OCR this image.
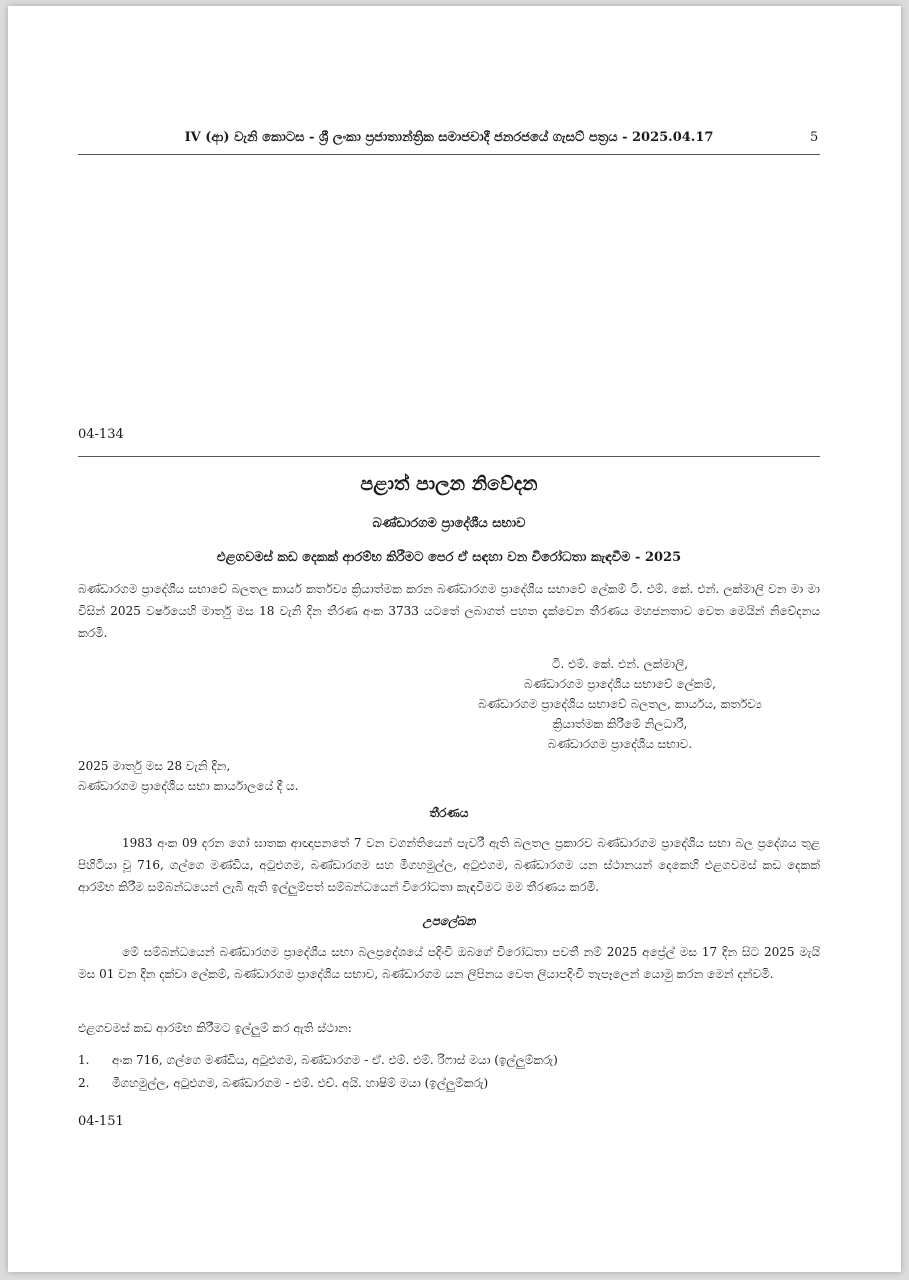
IV (ආ) වැනි කොටස - ශ්‍රී ලංකා ප්‍රජාතාන්ත්‍රික සමාජවාදී ජනරජයේ ගැසට් පත්‍රය - 2025.04.17	5
04-134
පළාත් පාලන නිවේදන
බණ්ඩාරගම ප්‍රාදේශීය සභාව
එළගවමස් කඩ දෙකක් ආරම්භ කිරීමට පෙර ඒ සඳහා වන විරෝධතා කැඳවීම - 2025

බණ්ඩාරගම ප්‍රාදේශීය සභාවේ බලතල කාර්ය කර්තව්‍ය ක්‍රියාත්මක කරන බණ්ඩාරගම ප්‍රාදේශීය සභාවේ ලේකම් ටී. එම්. කේ. එන්. ලක්මාලි වන මා මා විසින් 2025 වර්ෂයෙහි මාර්තු මස 18 වැනි දින තීරණ අංක 3733 යටතේ ලබාගත් පහත දැක්වෙන තීරණය මහජනතාව වෙත මෙයින් නිවේදනය කරමි.

ටී. එම්. කේ. එන්. ලක්මාලි,
බණ්ඩාරගම ප්‍රාදේශීය සභාවේ ලේකම්,
බණ්ඩාරගම ප්‍රාදේශීය සභාවේ බලතල, කාර්යය, කර්තව්‍ය
ක්‍රියාත්මක කිරීමේ නිලධාරී,
බණ්ඩාරගම ප්‍රාදේශීය සභාව.
2025 මාර්තු මස 28 වැනි දින,
බණ්ඩාරගම ප්‍රාදේශීය සභා කාර්යාලයේ දී ය.
තීරණය

1983 අංක 09 දරන ගෝ ඝාතක ආඥාපනතේ 7 වන වගන්තියෙන් පැවරී ඇති බලතල ප්‍රකාරව බණ්ඩාරගම ප්‍රාදේශීය සභා බල ප්‍රදේශය තුළ පිහිටියා වූ 716, ගල්ගෙ මණ්ඩිය, අටුළුගම, බණ්ඩාරගම සහ මීගහමුල්ල, අටුළුගම, බණ්ඩාරගම යන ස්ථානයන් දෙකෙහි එළගවමස් කඩ දෙකක් ආරම්භ කිරීම සම්බන්ධයෙන් ලැබී ඇති ඉල්ලුම්පත් සම්බන්ධයෙන් විරෝධතා කැඳවීමට මම තීරණය කරමි.

උපලේඛන

මේ සම්බන්ධයෙන් බණ්ඩාරගම ප්‍රාදේශීය සභා බලප්‍රදේශයේ පදිංචි ඔබගේ විරෝධතා පවතී නම් 2025 අප්‍රේල් මස 17 දින සිට 2025 මැයි මස 01 වන දින දක්වා ලේකම්, බණ්ඩාරගම ප්‍රාදේශීය සභාව, බණ්ඩාරගම යන ලිපිනය වෙත ලියාපදිංචි තැපෑලෙන් යොමු කරන මෙන් දන්වමි.

එළගවමස් කඩ ආරම්භ කිරීමට ඉල්ලුම් කර ඇති ස්ථාන:
1. අංක 716, ගල්ගෙ මණ්ඩිය, අටුළුගම, බණ්ඩාරගම - ඒ. එම්. එම්. රිෆාස් මයා (ඉල්ලුම්කරු)
2. මීගහමුල්ල, අටුළුගම, බණ්ඩාරගම - එම්. එච්. අයි. හාෂිම් මයා (ඉල්ලුම්කරු)
04-151
